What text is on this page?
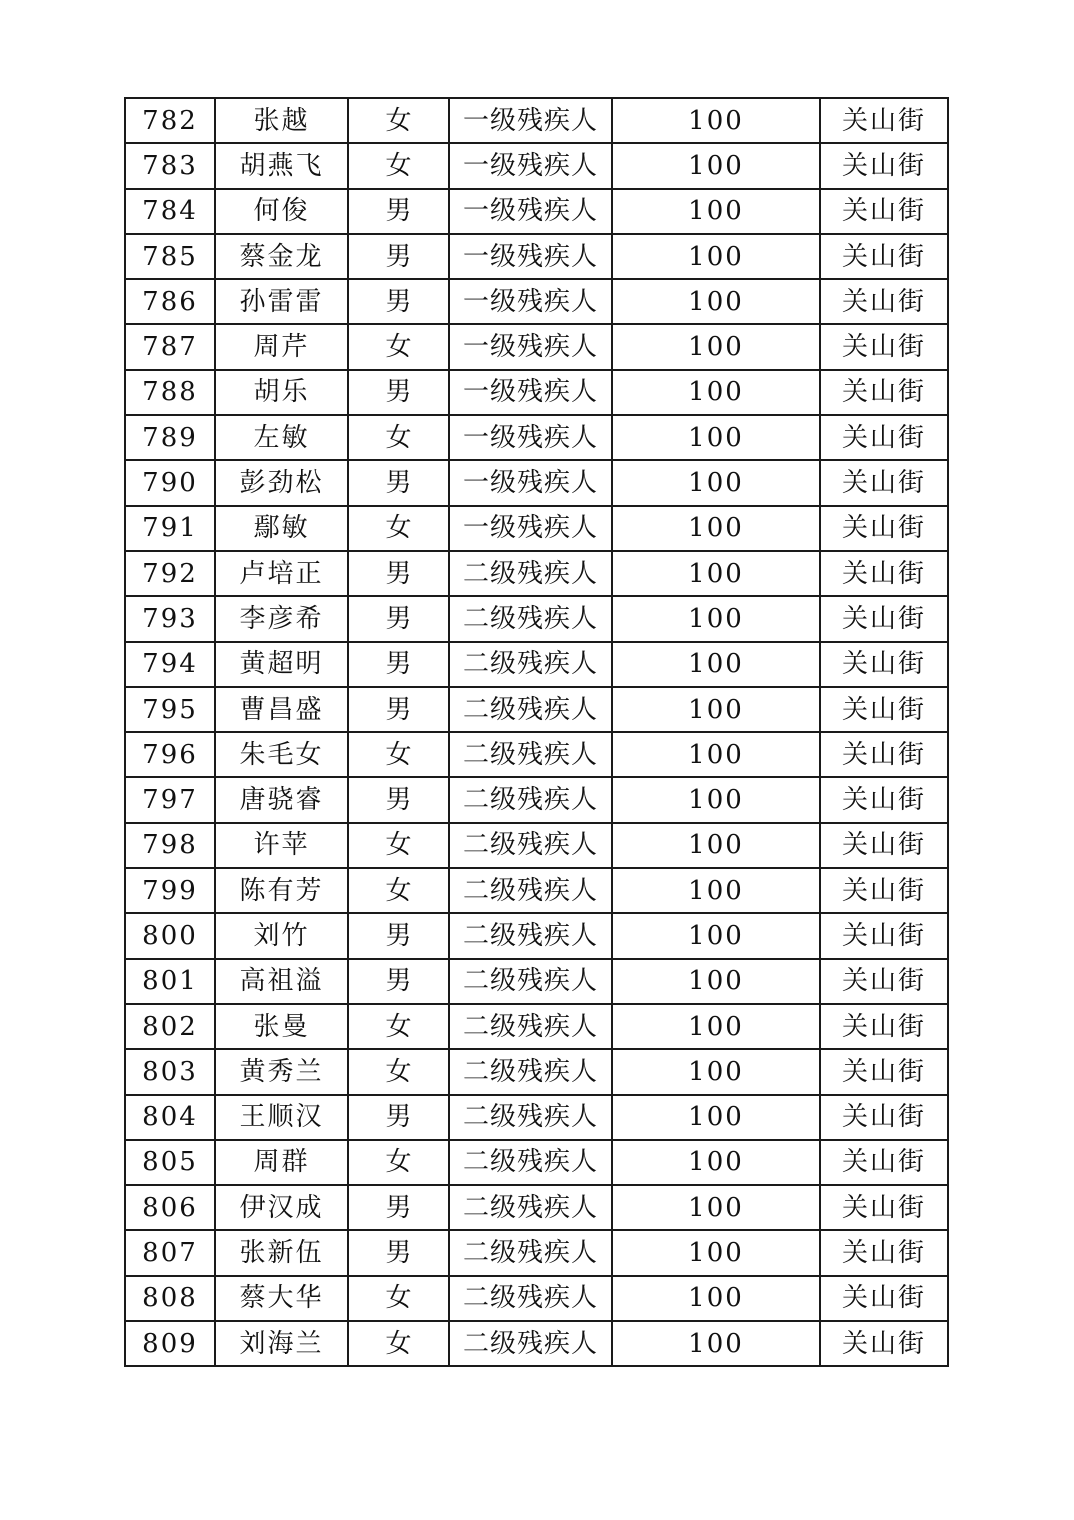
782	张越	女	一级残疾人	100	关山街
783	胡燕飞	女	一级残疾人	100	关山街
784	何俊	男	一级残疾人	100	关山街
785	蔡金龙	男	一级残疾人	100	关山街
786	孙雷雷	男	一级残疾人	100	关山街
787	周芹	女	一级残疾人	100	关山街
788	胡乐	男	一级残疾人	100	关山街
789	左敏	女	一级残疾人	100	关山街
790	彭劲松	男	一级残疾人	100	关山街
791	鄢敏	女	一级残疾人	100	关山街
792	卢培正	男	二级残疾人	100	关山街
793	李彦希	男	二级残疾人	100	关山街
794	黄超明	男	二级残疾人	100	关山街
795	曹昌盛	男	二级残疾人	100	关山街
796	朱毛女	女	二级残疾人	100	关山街
797	唐骁睿	男	二级残疾人	100	关山街
798	许苹	女	二级残疾人	100	关山街
799	陈有芳	女	二级残疾人	100	关山街
800	刘竹	男	二级残疾人	100	关山街
801	高祖溢	男	二级残疾人	100	关山街
802	张曼	女	二级残疾人	100	关山街
803	黄秀兰	女	二级残疾人	100	关山街
804	王顺汉	男	二级残疾人	100	关山街
805	周群	女	二级残疾人	100	关山街
806	伊汉成	男	二级残疾人	100	关山街
807	张新伍	男	二级残疾人	100	关山街
808	蔡大华	女	二级残疾人	100	关山街
809	刘海兰	女	二级残疾人	100	关山街
